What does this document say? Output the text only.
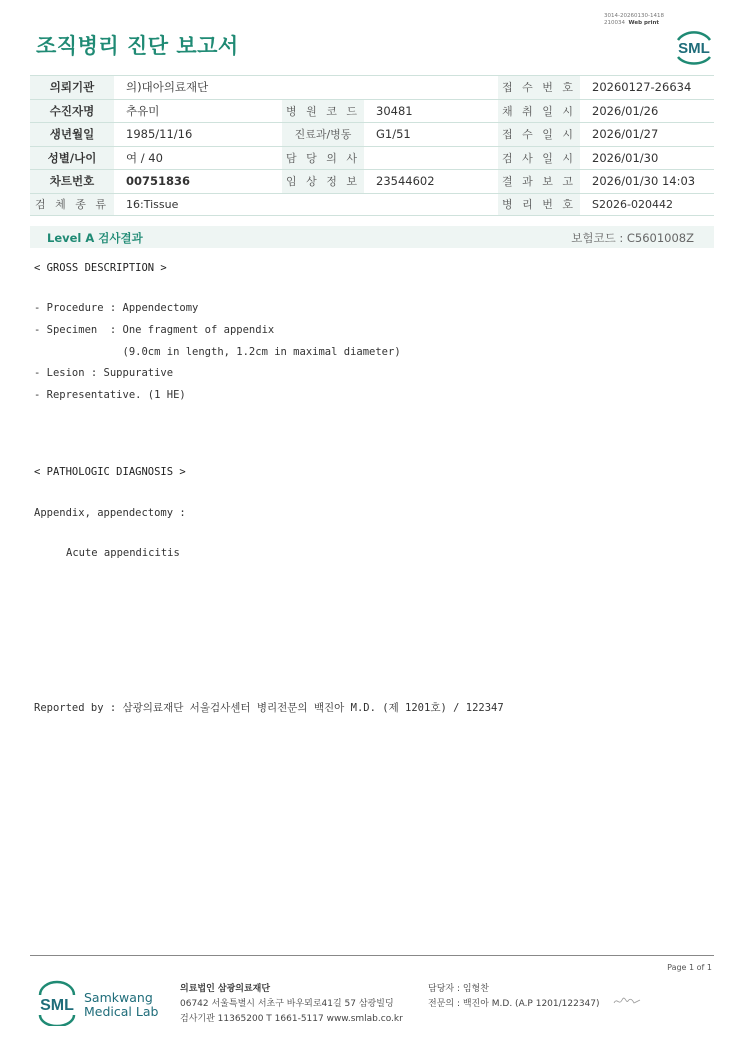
조직병리 진단 보고서
3014-20260130-1418
210034 Web print
SML
의뢰기관	의)대아의료재단			접 수 번 호	20260127-26634
수진자명	추유미	병 원 코 드	30481	채 취 일 시	2026/01/26
생년월일	1985/11/16	진료과/병동	G1/51	접 수 일 시	2026/01/27
성별/나이	여 / 40	담 당 의 사		검 사 일 시	2026/01/30
차트번호	00751836	임 상 정 보	23544602	결 과 보 고	2026/01/30 14:03
검 체 종 류	16:Tissue			병 리 번 호	S2026-020442
Level A 검사결과	보험코드 : C5601008Z
< GROSS DESCRIPTION >
- Procedure : Appendectomy
- Specimen  : One fragment of appendix
(9.0cm in length, 1.2cm in maximal diameter)
- Lesion : Suppurative
- Representative. (1 HE)
< PATHOLOGIC DIAGNOSIS >
Appendix, appendectomy :
Acute appendicitis
Reported by : 삼광의료재단 서울검사센터 병리전문의 백진아 M.D. (제 1201호) / 122347
Page 1 of 1
SML Samkwang
Medical Lab
의료법인 삼광의료재단
06742 서울특별시 서초구 바우뫼로41길 57 삼광빌딩
검사기관 11365200 T 1661-5117 www.smlab.co.kr
담당자 : 임형찬
전문의 : 백진아 M.D. (A.P 1201/122347)
